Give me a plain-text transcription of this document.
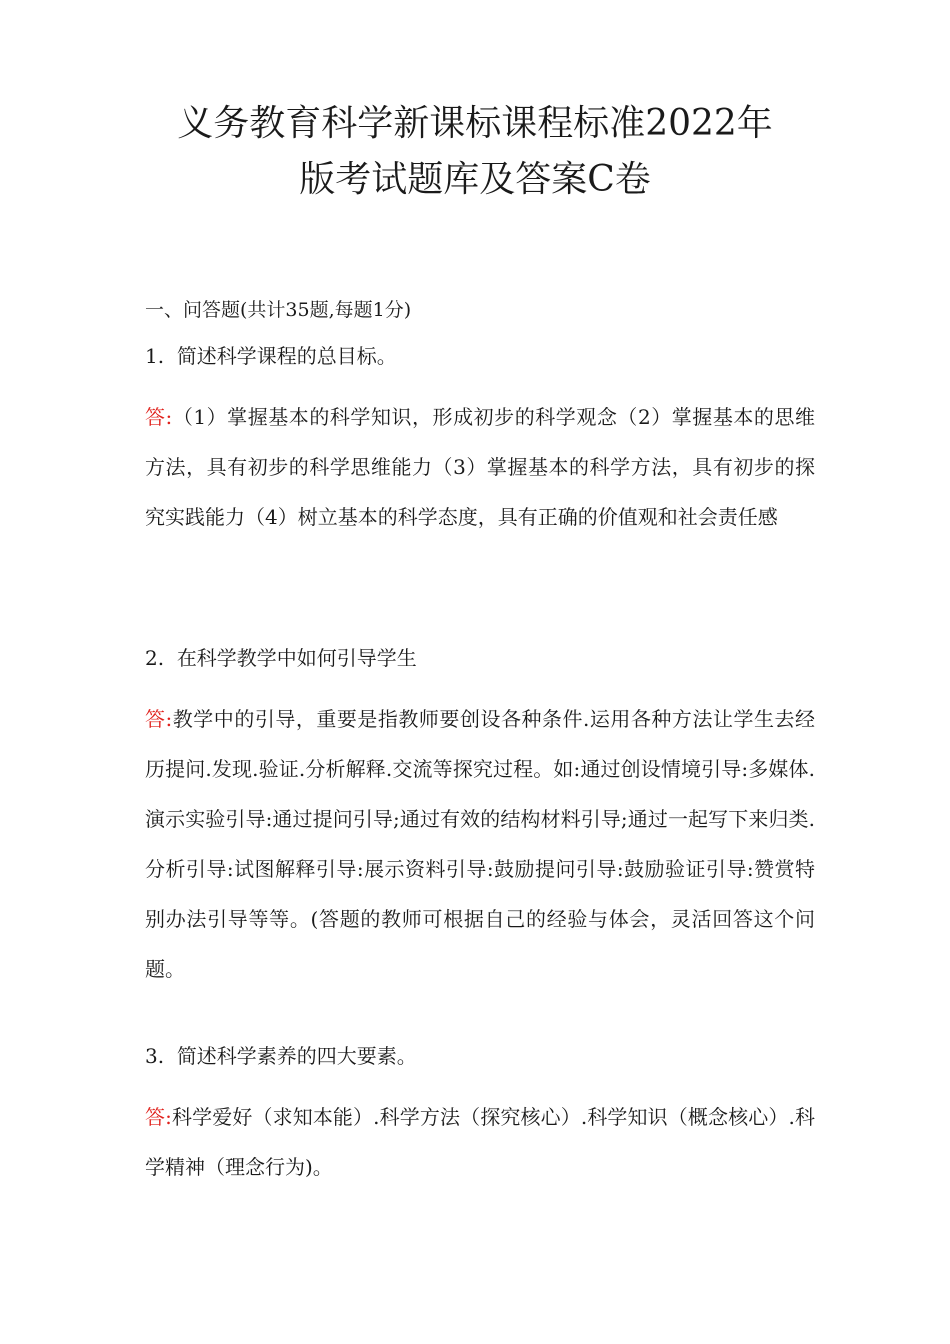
义务教育科学新课标课程标准2022年
版考试题库及答案C卷

一、问答题(共计35题,每题1分)

1. 简述科学课程的总目标。

答:（1）掌握基本的科学知识，形成初步的科学观念（2）掌握基本的思维方法，具有初步的科学思维能力（3）掌握基本的科学方法，具有初步的探究实践能力（4）树立基本的科学态度，具有正确的价值观和社会责任感

2. 在科学教学中如何引导学生

答:教学中的引导，重要是指教师要创设各种条件.运用各种方法让学生去经历提问.发现.验证.分析解释.交流等探究过程。如:通过创设情境引导:多媒体.演示实验引导:通过提问引导;通过有效的结构材料引导;通过一起写下来归类.分析引导:试图解释引导:展示资料引导:鼓励提问引导:鼓励验证引导:赞赏特别办法引导等等。(答题的教师可根据自己的经验与体会，灵活回答这个问题。

3. 简述科学素养的四大要素。

答:科学爱好（求知本能）.科学方法（探究核心）.科学知识（概念核心）.科学精神（理念行为)。
